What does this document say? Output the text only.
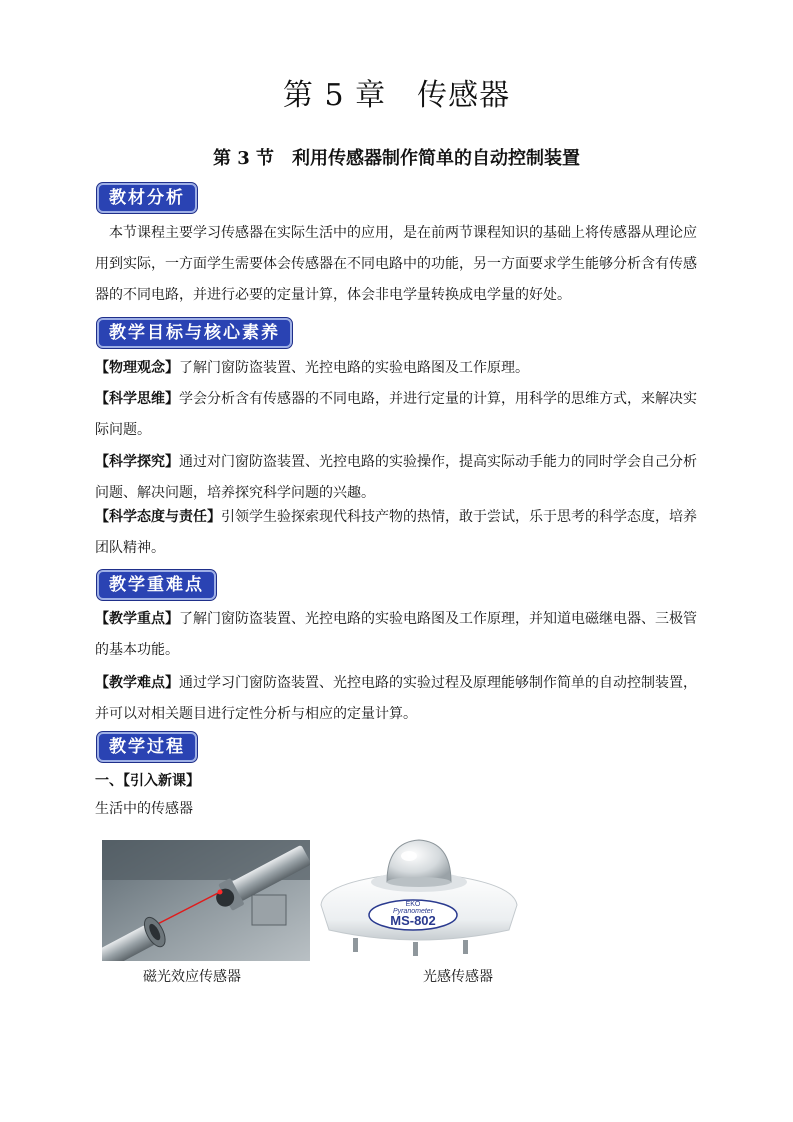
第 5 章　传感器
第 3 节　利用传感器制作简单的自动控制装置
教材分析
　本节课程主要学习传感器在实际生活中的应用，是在前两节课程知识的基础上将传感器从理论应
用到实际，一方面学生需要体会传感器在不同电路中的功能，另一方面要求学生能够分析含有传感
器的不同电路，并进行必要的定量计算，体会非电学量转换成电学量的好处。
教学目标与核心素养
【物理观念】了解门窗防盗装置、光控电路的实验电路图及工作原理。
【科学思维】学会分析含有传感器的不同电路，并进行定量的计算，用科学的思维方式，来解决实
际问题。
【科学探究】通过对门窗防盗装置、光控电路的实验操作，提高实际动手能力的同时学会自己分析
问题、解决问题，培养探究科学问题的兴趣。
【科学态度与责任】引领学生验探索现代科技产物的热情，敢于尝试，乐于思考的科学态度，培养
团队精神。
教学重难点
【教学重点】了解门窗防盗装置、光控电路的实验电路图及工作原理，并知道电磁继电器、三极管
的基本功能。
【教学难点】通过学习门窗防盗装置、光控电路的实验过程及原理能够制作简单的自动控制装置，
并可以对相关题目进行定性分析与相应的定量计算。
教学过程
一、【引入新课】
生活中的传感器
EKO
Pyranometer
MS-802
磁光效应传感器	光感传感器
